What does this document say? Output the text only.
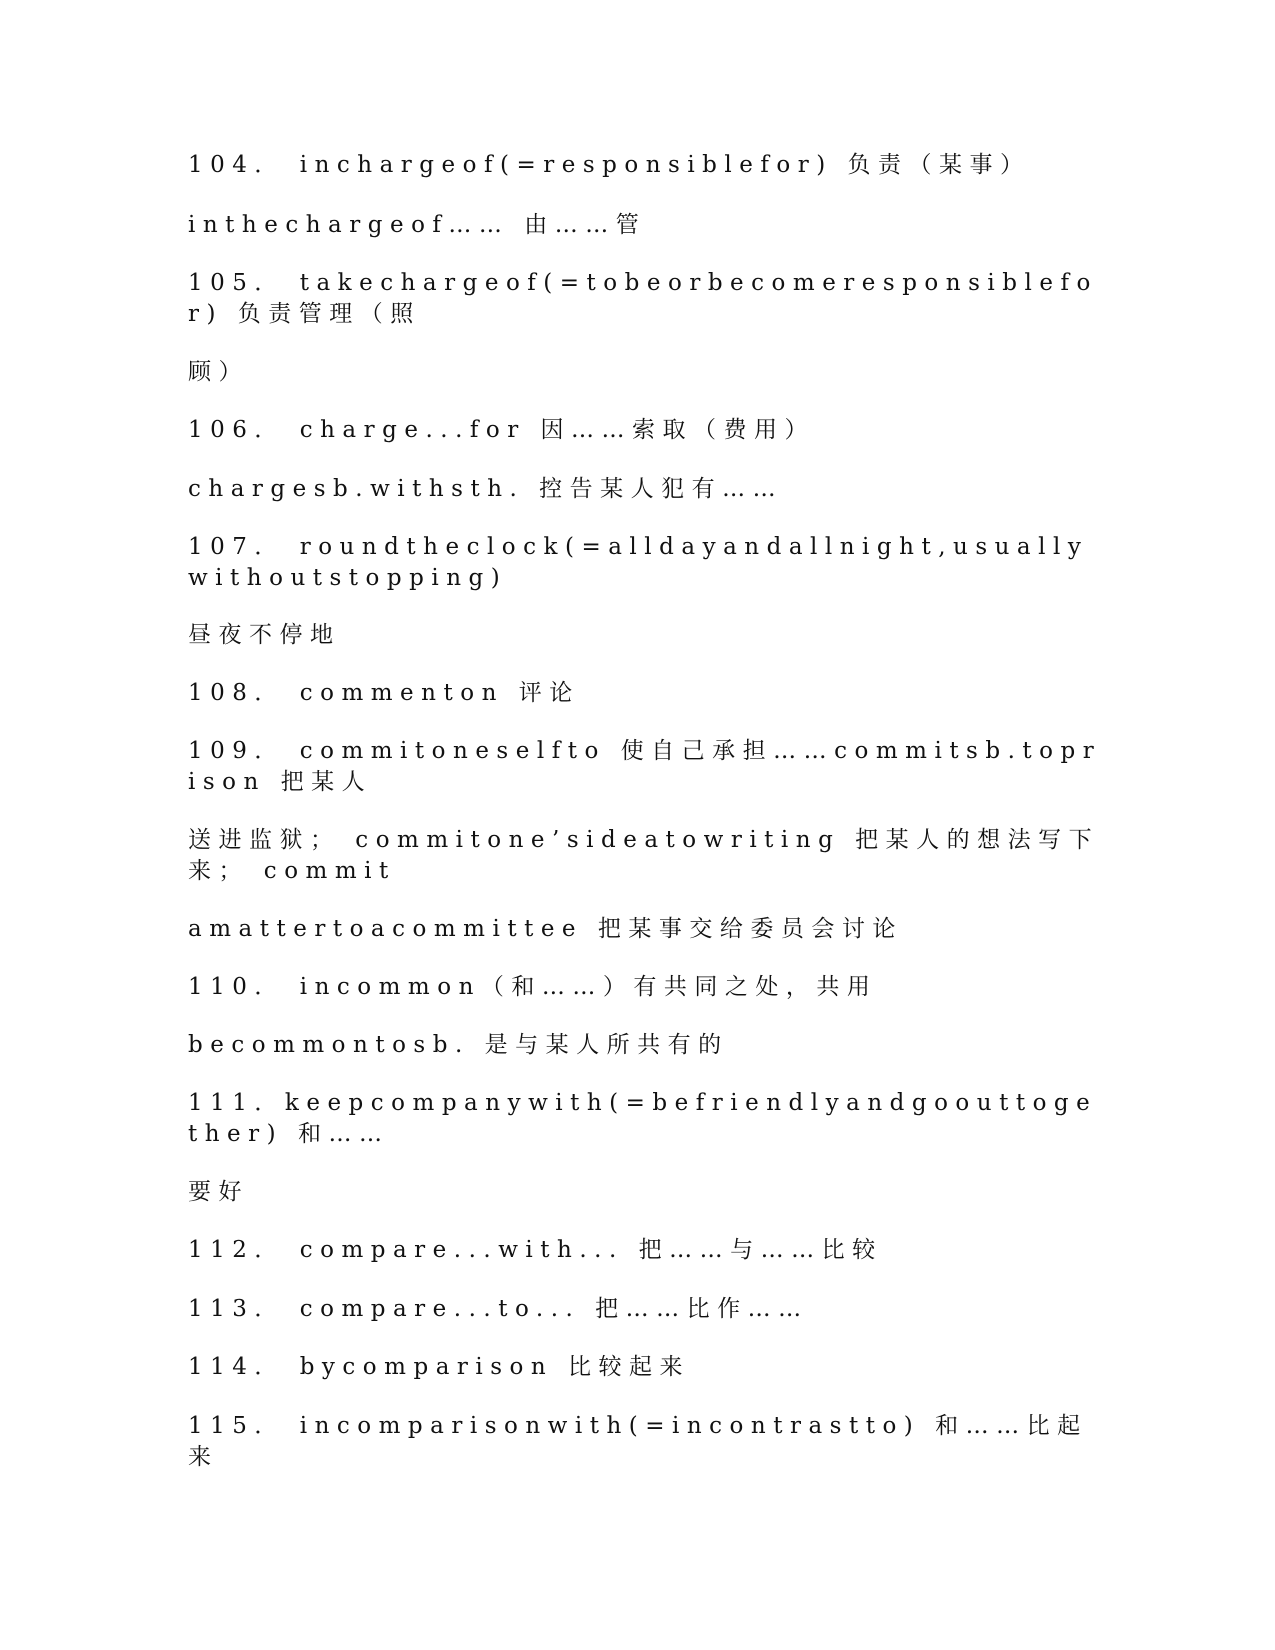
104． inchargeof(=responsiblefor) 负责（某事）
inthechargeof…… 由……管
105． takechargeof(=tobeorbecomeresponsiblefor) 负责管理（照
顾）
106． charge...for 因……索取（费用）
chargesb.withsth. 控告某人犯有……
107． roundtheclock(=alldayandallnight,usuallywithoutstopping)
昼夜不停地
108． commenton 评论
109． commitoneselfto 使自己承担……commitsb.toprison 把某人
送进监狱； commitone’sideatowriting 把某人的想法写下来； commit
amattertoacommittee 把某事交给委员会讨论
110． incommon（和……）有共同之处，共用
becommontosb. 是与某人所共有的
111．keepcompanywith(=befriendlyandgoouttogether) 和……
要好
112． compare...with... 把……与……比较
113． compare...to... 把……比作……
114． bycomparison 比较起来
115． incomparisonwith(=incontrastto) 和……比起来
